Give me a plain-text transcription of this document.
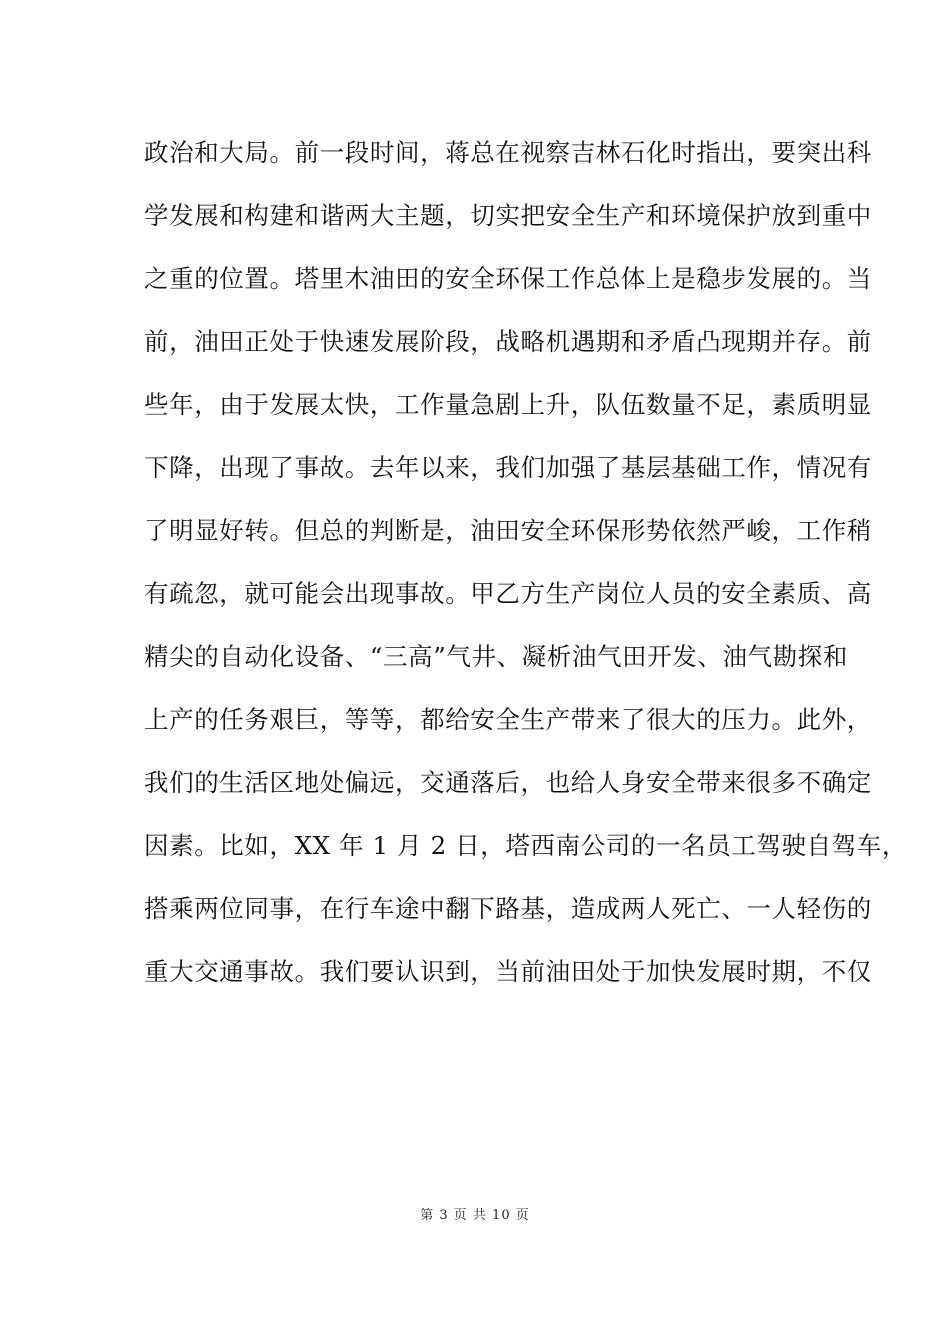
政治和大局。前一段时间，蒋总在视察吉林石化时指出，要突出科
学发展和构建和谐两大主题，切实把安全生产和环境保护放到重中
之重的位置。塔里木油田的安全环保工作总体上是稳步发展的。当
前，油田正处于快速发展阶段，战略机遇期和矛盾凸现期并存。前
些年，由于发展太快，工作量急剧上升，队伍数量不足，素质明显
下降，出现了事故。去年以来，我们加强了基层基础工作，情况有
了明显好转。但总的判断是，油田安全环保形势依然严峻，工作稍
有疏忽，就可能会出现事故。甲乙方生产岗位人员的安全素质、高
精尖的自动化设备、“三高”气井、凝析油气田开发、油气勘探和
上产的任务艰巨，等等，都给安全生产带来了很大的压力。此外，
我们的生活区地处偏远，交通落后，也给人身安全带来很多不确定
因素。比如，XX 年 1 月 2 日，塔西南公司的一名员工驾驶自驾车，
搭乘两位同事，在行车途中翻下路基，造成两人死亡、一人轻伤的
重大交通事故。我们要认识到，当前油田处于加快发展时期，不仅
第 3 页 共 10 页
